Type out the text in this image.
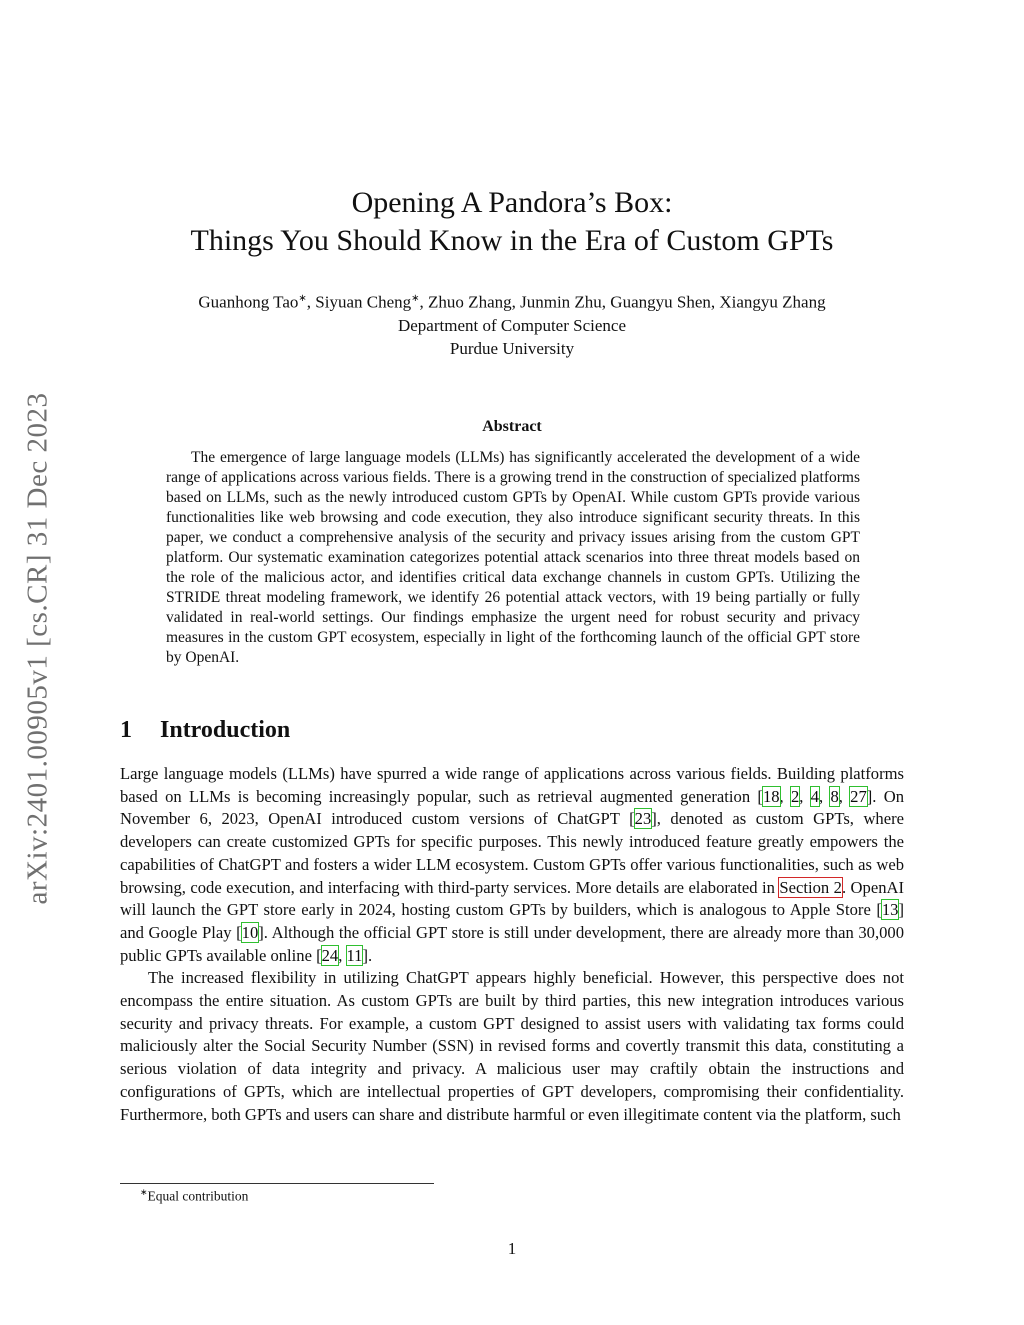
arXiv:2401.00905v1 [cs.CR] 31 Dec 2023
Opening A Pandora’s Box:
Things You Should Know in the Era of Custom GPTs
Guanhong Tao∗, Siyuan Cheng∗, Zhuo Zhang, Junmin Zhu, Guangyu Shen, Xiangyu Zhang
Department of Computer Science
Purdue University
Abstract

The emergence of large language models (LLMs) has significantly accelerated the development of a wide range of applications across various fields. There is a growing trend in the construction of specialized platforms based on LLMs, such as the newly introduced custom GPTs by OpenAI. While custom GPTs provide various functionalities like web browsing and code execution, they also introduce significant security threats. In this paper, we conduct a comprehensive analysis of the security and privacy issues arising from the custom GPT platform. Our systematic examination categorizes potential attack scenarios into three threat models based on the role of the malicious actor, and identifies critical data exchange channels in custom GPTs. Utilizing the STRIDE threat modeling framework, we identify 26 potential attack vectors, with 19 being partially or fully validated in real-world settings. Our findings emphasize the urgent need for robust security and privacy measures in the custom GPT ecosystem, especially in light of the forthcoming launch of the official GPT store by OpenAI.

1 Introduction

Large language models (LLMs) have spurred a wide range of applications across various fields. Building platforms based on LLMs is becoming increasingly popular, such as retrieval augmented generation [18, 2, 4, 8, 27]. On November 6, 2023, OpenAI introduced custom versions of ChatGPT [23], denoted as custom GPTs, where developers can create customized GPTs for specific purposes. This newly introduced feature greatly empowers the capabilities of ChatGPT and fosters a wider LLM ecosystem. Custom GPTs offer various functionalities, such as web browsing, code execution, and interfacing with third-party services. More details are elaborated in Section 2. OpenAI will launch the GPT store early in 2024, hosting custom GPTs by builders, which is analogous to Apple Store [13] and Google Play [10]. Although the official GPT store is still under development, there are already more than 30,000 public GPTs available online [24, 11].

The increased flexibility in utilizing ChatGPT appears highly beneficial. However, this perspective does not encompass the entire situation. As custom GPTs are built by third parties, this new integration introduces various security and privacy threats. For example, a custom GPT designed to assist users with validating tax forms could maliciously alter the Social Security Number (SSN) in revised forms and covertly transmit this data, constituting a serious violation of data integrity and privacy. A malicious user may craftily obtain the instructions and configurations of GPTs, which are intellectual properties of GPT developers, compromising their confidentiality. Furthermore, both GPTs and users can share and distribute harmful or even illegitimate content via the platform, such

∗Equal contribution
1
